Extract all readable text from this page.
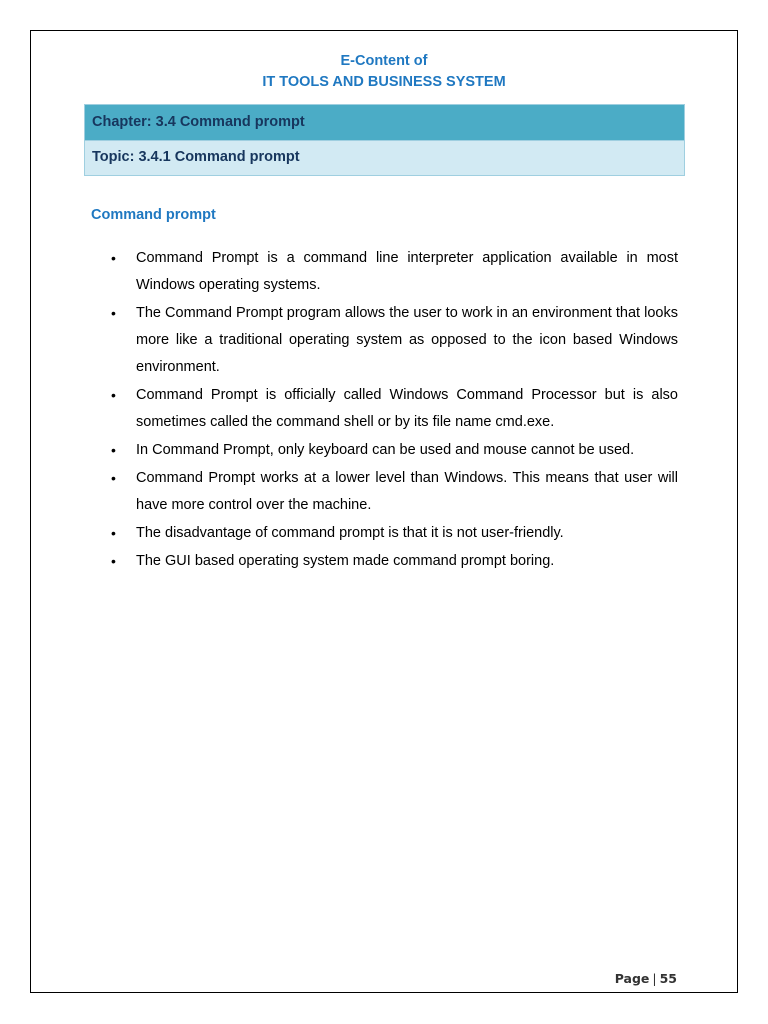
E-Content of
IT TOOLS AND BUSINESS SYSTEM
Chapter: 3.4 Command prompt
Topic: 3.4.1 Command prompt
Command prompt
• Command Prompt is a command line interpreter application available in most Windows operating systems.
• The Command Prompt program allows the user to work in an environment that looks more like a traditional operating system as opposed to the icon based Windows environment.
• Command Prompt is officially called Windows Command Processor but is also sometimes called the command shell or by its file name cmd.exe.
• In Command Prompt, only keyboard can be used and mouse cannot be used.
• Command Prompt works at a lower level than Windows. This means that user will have more control over the machine.
• The disadvantage of command prompt is that it is not user-friendly.
• The GUI based operating system made command prompt boring.
Page | 55
